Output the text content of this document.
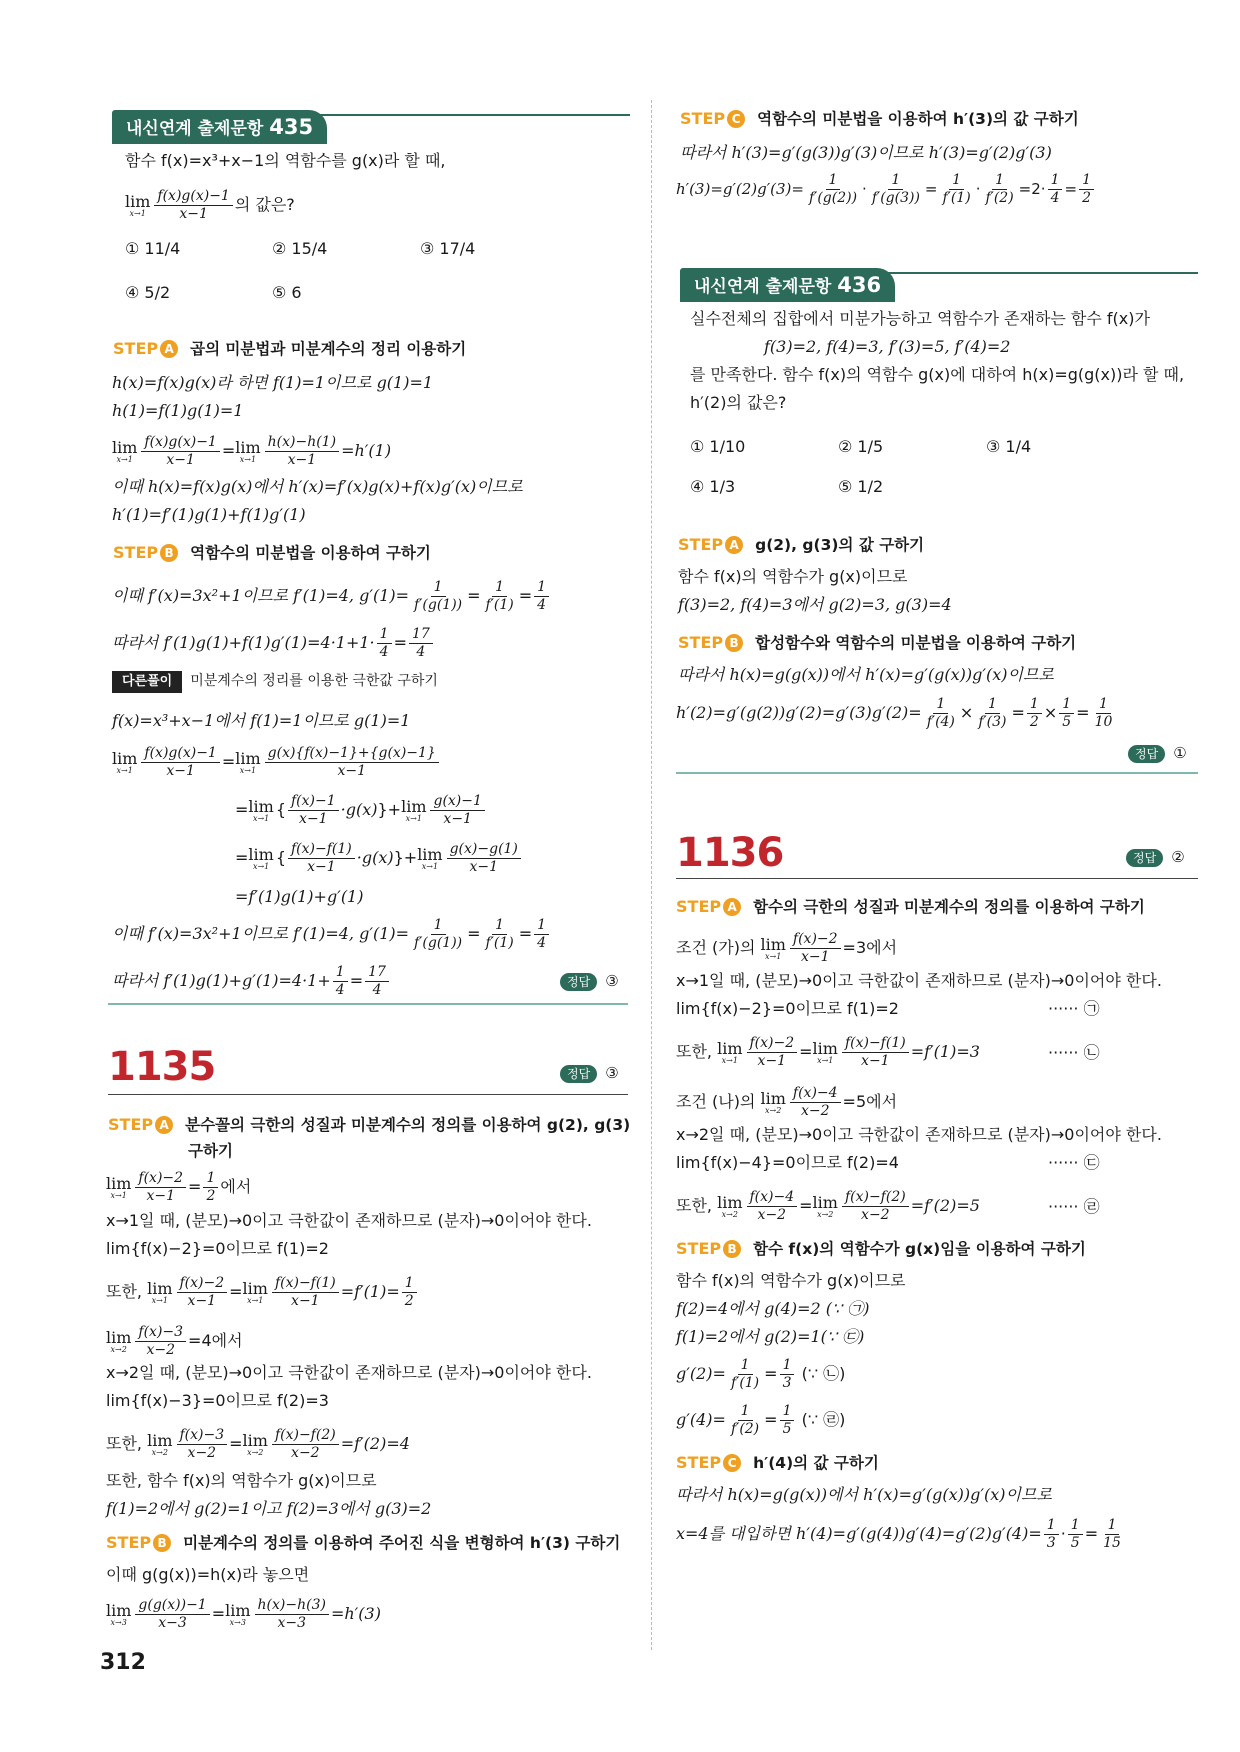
내신연계 출제문항 435
함수 f(x)=x³+x−1의 역함수를 g(x)라 할 때,
lim
$x\to 1 \frac{f(x)g(x)-1}{x-1}$ 의 값은?
① 11/4	② 15/4	③ 17/4
④ 5/2	⑤ 6
STEP A 곱의 미분법과 미분계수의 정리 이용하기
h(x)=f(x)g(x)라 하면 f(1)=1이므로 g(1)=1
h(1)=f(1)g(1)=1
lim
$x\to 1 \frac{f(x)g(x)-1}{x-1} = \lim$
$x\to 1 \frac{h(x)-h(1)}{x-1} =h'(1)$
이때 h(x)=f(x)g(x)에서 h′(x)=f′(x)g(x)+f(x)g′(x)이므로
h′(1)=f′(1)g(1)+f(1)g′(1)
STEP B 역함수의 미분법을 이용하여 구하기
이때 f′(x)=3x²+1이므로 f′(1)=4, $g'(1)= \frac{1}{f'(g(1))} = \frac{1}{f'(1)} = \frac{1}{4}$
따라서 $f'(1)g(1)+f(1)g'(1)=4\cdot 1+1\cdot \frac{1}{4} = \frac{17}{4}$
다른풀이 미분계수의 정리를 이용한 극한값 구하기
f(x)=x³+x−1에서 f(1)=1이므로 g(1)=1
lim
$x\to 1 \frac{f(x)g(x)-1}{x-1} = \lim$
$x\to 1 \frac{g(x)\{f(x)-1\}+\{g(x)-1\}}{x-1}$
= lim
x→1 { $\frac{f(x)-1}{x-1} \cdot g(x)\}+ \lim$
$x\to 1 \frac{g(x)-1}{x-1}$
= lim
x→1 { $\frac{f(x)-f(1)}{x-1} \cdot g(x)\}+ \lim$
$x\to 1 \frac{g(x)-g(1)}{x-1}$
=f′(1)g(1)+g′(1)
이때 f′(x)=3x²+1이므로 f′(1)=4, $g'(1)= \frac{1}{f'(g(1))} = \frac{1}{f'(1)} = \frac{1}{4}$
따라서 $f'(1)g(1)+g'(1)=4\cdot 1+ \frac{1}{4} = \frac{17}{4}$	정답 ③
1135	정답 ③
STEP A 분수꼴의 극한의 성질과 미분계수의 정의를 이용하여 g(2), g(3)
구하기
lim
$x\to 1 \frac{f(x)-2}{x-1} = \frac{1}{2}$ 에서
x→1일 때, (분모)→0이고 극한값이 존재하므로 (분자)→0이어야 한다.
lim{f(x)−2}=0이므로 f(1)=2
또한, lim
$x\to 1 \frac{f(x)-2}{x-1} = \lim$
$x\to 1 \frac{f(x)-f(1)}{x-1} =f'(1)= \frac{1}{2}$
lim
$x\to 2 \frac{f(x)-3}{x-2} =4$에서
x→2일 때, (분모)→0이고 극한값이 존재하므로 (분자)→0이어야 한다.
lim{f(x)−3}=0이므로 f(2)=3
또한, lim
$x\to 2 \frac{f(x)-3}{x-2} = \lim$
$x\to 2 \frac{f(x)-f(2)}{x-2} =f'(2)=4$
또한, 함수 f(x)의 역함수가 g(x)이므로
f(1)=2에서 g(2)=1이고 f(2)=3에서 g(3)=2
STEP B 미분계수의 정의를 이용하여 주어진 식을 변형하여 h′(3) 구하기
이때 g(g(x))=h(x)라 놓으면
lim
$x\to 3 \frac{g(g(x))-1}{x-3} = \lim$
$x\to 3 \frac{h(x)-h(3)}{x-3} =h'(3)$
312
STEP C 역함수의 미분법을 이용하여 h′(3)의 값 구하기
따라서 h′(3)=g′(g(3))g′(3)이므로 h′(3)=g′(2)g′(3)
$h'(3)=g'(2)g'(3)= \frac{1}{f'(g(2))} \cdot \frac{1}{f'(g(3))} = \frac{1}{f'(1)} \cdot \frac{1}{f'(2)} =2\cdot \frac{1}{4} = \frac{1}{2}$
내신연계 출제문항 436
실수전체의 집합에서 미분가능하고 역함수가 존재하는 함수 f(x)가
f(3)=2, f(4)=3, f′(3)=5, f′(4)=2
를 만족한다. 함수 f(x)의 역함수 g(x)에 대하여 h(x)=g(g(x))라 할 때,
h′(2)의 값은?
① 1/10	② 1/5	③ 1/4
④ 1/3	⑤ 1/2
STEP A g(2), g(3)의 값 구하기
함수 f(x)의 역함수가 g(x)이므로
f(3)=2, f(4)=3에서 g(2)=3, g(3)=4
STEP B 합성함수와 역함수의 미분법을 이용하여 구하기
따라서 h(x)=g(g(x))에서 h′(x)=g′(g(x))g′(x)이므로
$h'(2)=g'(g(2))g'(2)=g'(3)g'(2)= \frac{1}{f'(4)} \times \frac{1}{f'(3)} = \frac{1}{2} \times \frac{1}{5} = \frac{1}{10}$
정답 ①
1136	정답 ②
STEP A 함수의 극한의 성질과 미분계수의 정의를 이용하여 구하기
조건 (가)의 lim
$x\to 1 \frac{f(x)-2}{x-1} =3$에서
x→1일 때, (분모)→0이고 극한값이 존재하므로 (분자)→0이어야 한다.
lim{f(x)−2}=0이므로 f(1)=2	······ ㉠
또한, lim
$x\to 1 \frac{f(x)-2}{x-1} = \lim$
$x\to 1 \frac{f(x)-f(1)}{x-1} =f'(1)=3$	······ ㉡
조건 (나)의 lim
$x\to 2 \frac{f(x)-4}{x-2} =5$에서
x→2일 때, (분모)→0이고 극한값이 존재하므로 (분자)→0이어야 한다.
lim{f(x)−4}=0이므로 f(2)=4	······ ㉢
또한, lim
$x\to 2 \frac{f(x)-4}{x-2} = \lim$
$x\to 2 \frac{f(x)-f(2)}{x-2} =f'(2)=5$	······ ㉣
STEP B 함수 f(x)의 역함수가 g(x)임을 이용하여 구하기
함수 f(x)의 역함수가 g(x)이므로
f(2)=4에서 g(4)=2 (∵ ㉠)
f(1)=2에서 g(2)=1(∵ ㉢)
$g'(2)= \frac{1}{f'(1)} = \frac{1}{3}$ (∵ ㉡)
$g'(4)= \frac{1}{f'(2)} = \frac{1}{5}$ (∵ ㉣)
STEP C h′(4)의 값 구하기
따라서 h(x)=g(g(x))에서 h′(x)=g′(g(x))g′(x)이므로
x=4를 대입하면 $h'(4)=g'(g(4))g'(4)=g'(2)g'(4)= \frac{1}{3} \cdot \frac{1}{5} = \frac{1}{15}$
